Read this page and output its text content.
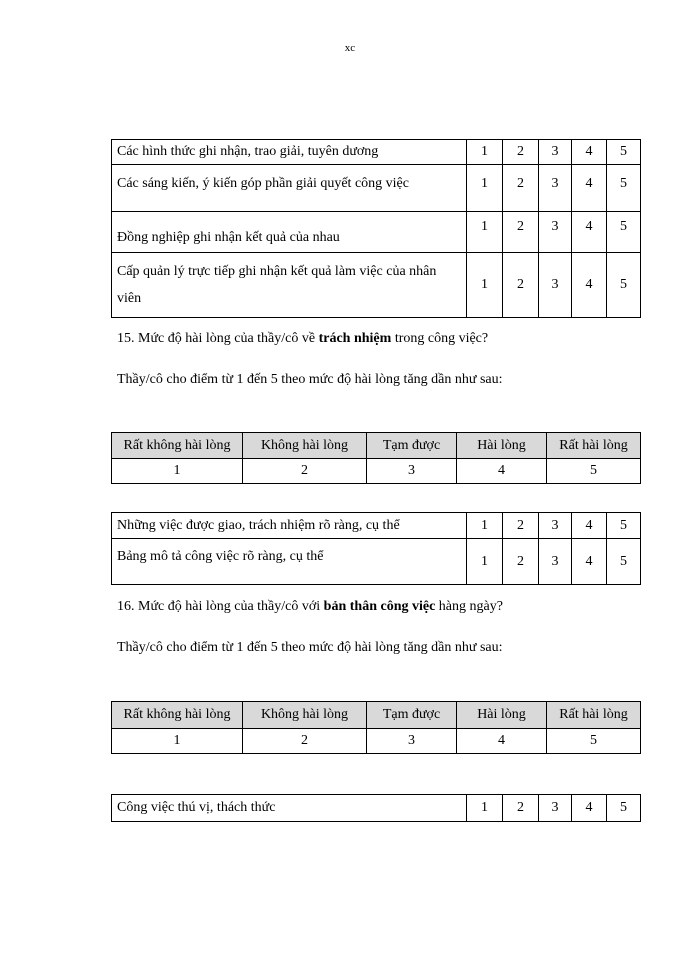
xc
Các hình thức ghi nhận, trao giải, tuyên dương	1	2	3	4	5
Các sáng kiến, ý kiến góp phần giải quyết công việc	1	2	3	4	5
Đồng nghiệp ghi nhận kết quả của nhau	1	2	3	4	5
Cấp quản lý trực tiếp ghi nhận kết quả làm việc của nhân viên	1	2	3	4	5
15. Mức độ hài lòng của thầy/cô về trách nhiệm trong công việc?
Thầy/cô cho điểm từ 1 đến 5 theo mức độ hài lòng tăng dần như sau:
Rất không hài lòng	Không hài lòng	Tạm được	Hài lòng	Rất hài lòng
1	2	3	4	5
Những việc được giao, trách nhiệm rõ ràng, cụ thể	1	2	3	4	5
Bảng mô tả công việc rõ ràng, cụ thể	1	2	3	4	5
16. Mức độ hài lòng của thầy/cô với bản thân công việc hàng ngày?
Thầy/cô cho điểm từ 1 đến 5 theo mức độ hài lòng tăng dần như sau:
Rất không hài lòng	Không hài lòng	Tạm được	Hài lòng	Rất hài lòng
1	2	3	4	5
Công việc thú vị, thách thức	1	2	3	4	5
